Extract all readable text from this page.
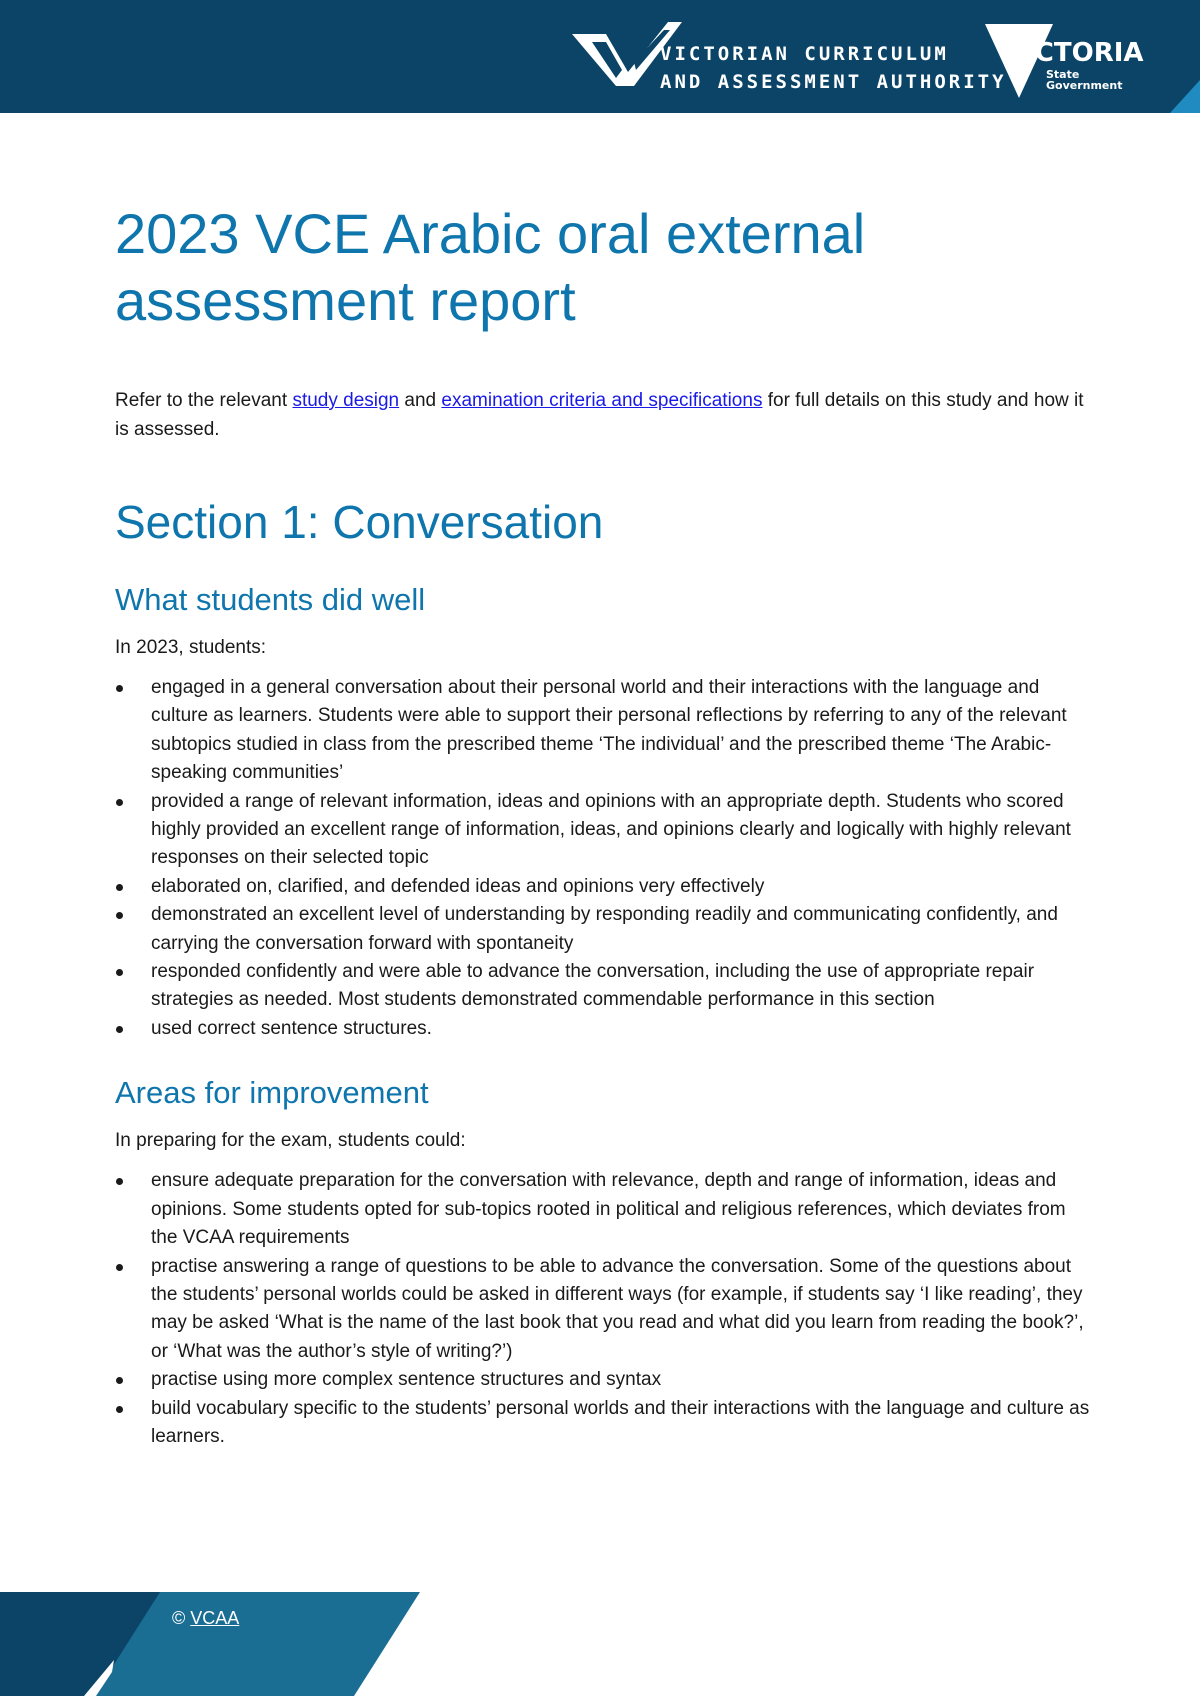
VICTORIAN CURRICULUM
AND ASSESSMENT AUTHORITY
VICTORIA
State
Government
2023 VCE Arabic oral external assessment report

Refer to the relevant study design and examination criteria and specifications for full details on this study and how it is assessed.

Section 1: Conversation
What students did well

In 2023, students:

engaged in a general conversation about their personal world and their interactions with the language and culture as learners. Students were able to support their personal reflections by referring to any of the relevant subtopics studied in class from the prescribed theme ‘The individual’ and the prescribed theme ‘The Arabic-speaking communities’
provided a range of relevant information, ideas and opinions with an appropriate depth. Students who scored highly provided an excellent range of information, ideas, and opinions clearly and logically with highly relevant responses on their selected topic
elaborated on, clarified, and defended ideas and opinions very effectively
demonstrated an excellent level of understanding by responding readily and communicating confidently, and carrying the conversation forward with spontaneity
responded confidently and were able to advance the conversation, including the use of appropriate repair strategies as needed. Most students demonstrated commendable performance in this section
used correct sentence structures.
Areas for improvement

In preparing for the exam, students could:

ensure adequate preparation for the conversation with relevance, depth and range of information, ideas and opinions. Some students opted for sub-topics rooted in political and religious references, which deviates from the VCAA requirements
practise answering a range of questions to be able to advance the conversation. Some of the questions about the students’ personal worlds could be asked in different ways (for example, if students say ‘I like reading’, they may be asked ‘What is the name of the last book that you read and what did you learn from reading the book?’, or ‘What was the author’s style of writing?’)
practise using more complex sentence structures and syntax
build vocabulary specific to the students’ personal worlds and their interactions with the language and culture as learners.
© VCAA
